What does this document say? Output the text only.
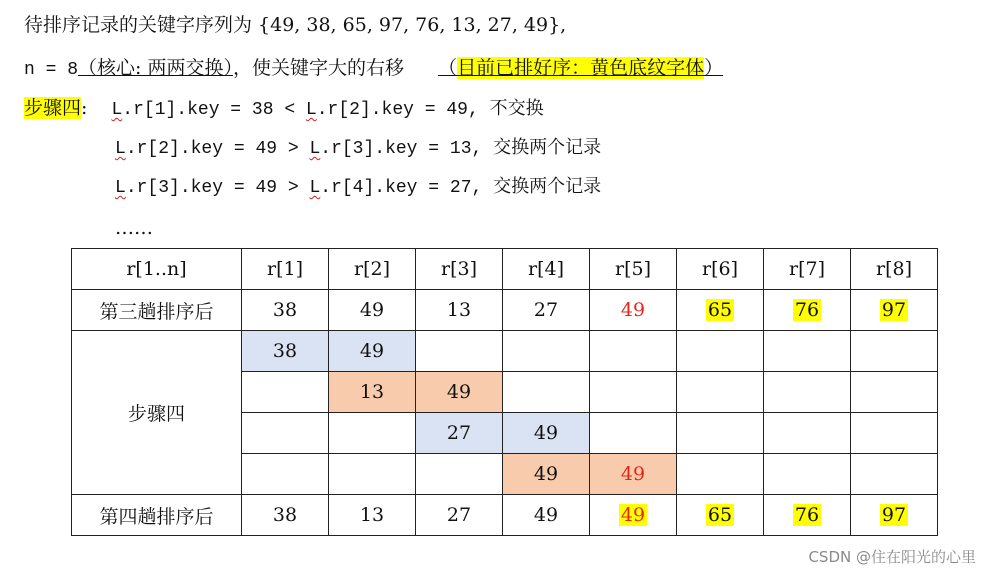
待排序记录的关键字序列为 {49, 38, 65, 97, 76, 13, 27, 49},
n = 8（核心: 两两交换），使关键字大的右移 （目前已排好序：黄色底纹字体）
步骤四: L.r[1].key = 38 < L.r[2].key = 49, 不交换
L.r[2].key = 49 > L.r[3].key = 13, 交换两个记录
L.r[3].key = 49 > L.r[4].key = 27, 交换两个记录
……
r[1..n]	r[1]	r[2]	r[3]	r[4]	r[5]	r[6]	r[7]	r[8]
第三趟排序后	38	49	13	27	49	65	76	97
步骤四	38	49						
		13	49					
			27	49				
				49	49			
第四趟排序后	38	13	27	49	49	65	76	97
CSDN @住在阳光的心里
